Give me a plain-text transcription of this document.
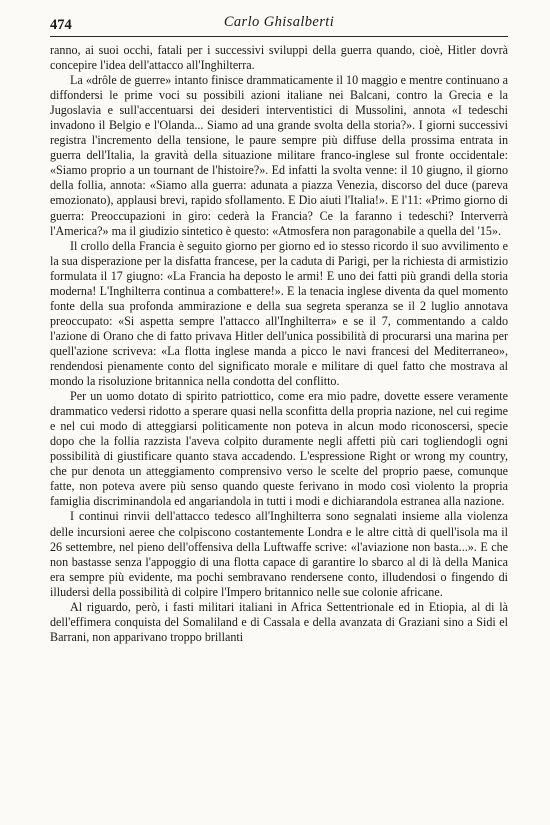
474	Carlo Ghisalberti

ranno, ai suoi occhi, fatali per i successivi sviluppi della guerra quando, cioè, Hitler dovrà concepire l'idea dell'attacco all'Inghilterra.

La «drôle de guerre» intanto finisce drammaticamente il 10 maggio e mentre continuano a diffondersi le prime voci su possibili azioni italiane nei Balcani, contro la Grecia e la Jugoslavia e sull'accentuarsi dei desideri interventistici di Mussolini, annota «I tedeschi invadono il Belgio e l'Olanda... Siamo ad una grande svolta della storia?». I giorni successivi registra l'incremento della tensione, le paure sempre più diffuse della prossima entrata in guerra dell'Italia, la gravità della situazione militare franco-inglese sul fronte occidentale: «Siamo proprio a un tournant de l'histoire?». Ed infatti la svolta venne: il 10 giugno, il giorno della follia, annota: «Siamo alla guerra: adunata a piazza Venezia, discorso del duce (pareva emozionato), applausi brevi, rapido sfollamento. E Dio aiuti l'Italia!». E l'11: «Primo giorno di guerra: Preoccupazioni in giro: cederà la Francia? Ce la faranno i tedeschi? Interverrà l'America?» ma il giudizio sintetico è questo: «Atmosfera non paragonabile a quella del '15».

Il crollo della Francia è seguito giorno per giorno ed io stesso ricordo il suo avvilimento e la sua disperazione per la disfatta francese, per la caduta di Parigi, per la richiesta di armistizio formulata il 17 giugno: «La Francia ha deposto le armi! E uno dei fatti più grandi della storia moderna! L'Inghilterra continua a combattere!». E la tenacia inglese diventa da quel momento fonte della sua profonda ammirazione e della sua segreta speranza se il 2 luglio annotava preoccupato: «Si aspetta sempre l'attacco all'Inghilterra» e se il 7, commentando a caldo l'azione di Orano che di fatto privava Hitler dell'unica possibilità di procurarsi una marina per quell'azione scriveva: «La flotta inglese manda a picco le navi francesi del Mediterraneo», rendendosi pienamente conto del significato morale e militare di quel fatto che mostrava al mondo la risoluzione britannica nella condotta del conflitto.

Per un uomo dotato di spirito patriottico, come era mio padre, dovette essere veramente drammatico vedersi ridotto a sperare quasi nella sconfitta della propria nazione, nel cui regime e nel cui modo di atteggiarsi politicamente non poteva in alcun modo riconoscersi, specie dopo che la follia razzista l'aveva colpito duramente negli affetti più cari togliendogli ogni possibilità di giustificare quanto stava accadendo. L'espressione Right or wrong my country, che pur denota un atteggiamento comprensivo verso le scelte del proprio paese, comunque fatte, non poteva avere più senso quando queste ferivano in modo così violento la propria famiglia discriminandola ed angariandola in tutti i modi e dichiarandola estranea alla nazione.

I continui rinvii dell'attacco tedesco all'Inghilterra sono segnalati insieme alla violenza delle incursioni aeree che colpiscono costantemente Londra e le altre città di quell'isola ma il 26 settembre, nel pieno dell'offensiva della Luftwaffe scrive: «l'aviazione non basta...». E che non bastasse senza l'appoggio di una flotta capace di garantire lo sbarco al di là della Manica era sempre più evidente, ma pochi sembravano rendersene conto, illudendosi o fingendo di illudersi della possibilità di colpire l'Impero britannico nelle sue colonie africane.

Al riguardo, però, i fasti militari italiani in Africa Settentrionale ed in Etiopia, al di là dell'effimera conquista del Somaliland e di Cassala e della avanzata di Graziani sino a Sidi el Barrani, non apparivano troppo brillanti
